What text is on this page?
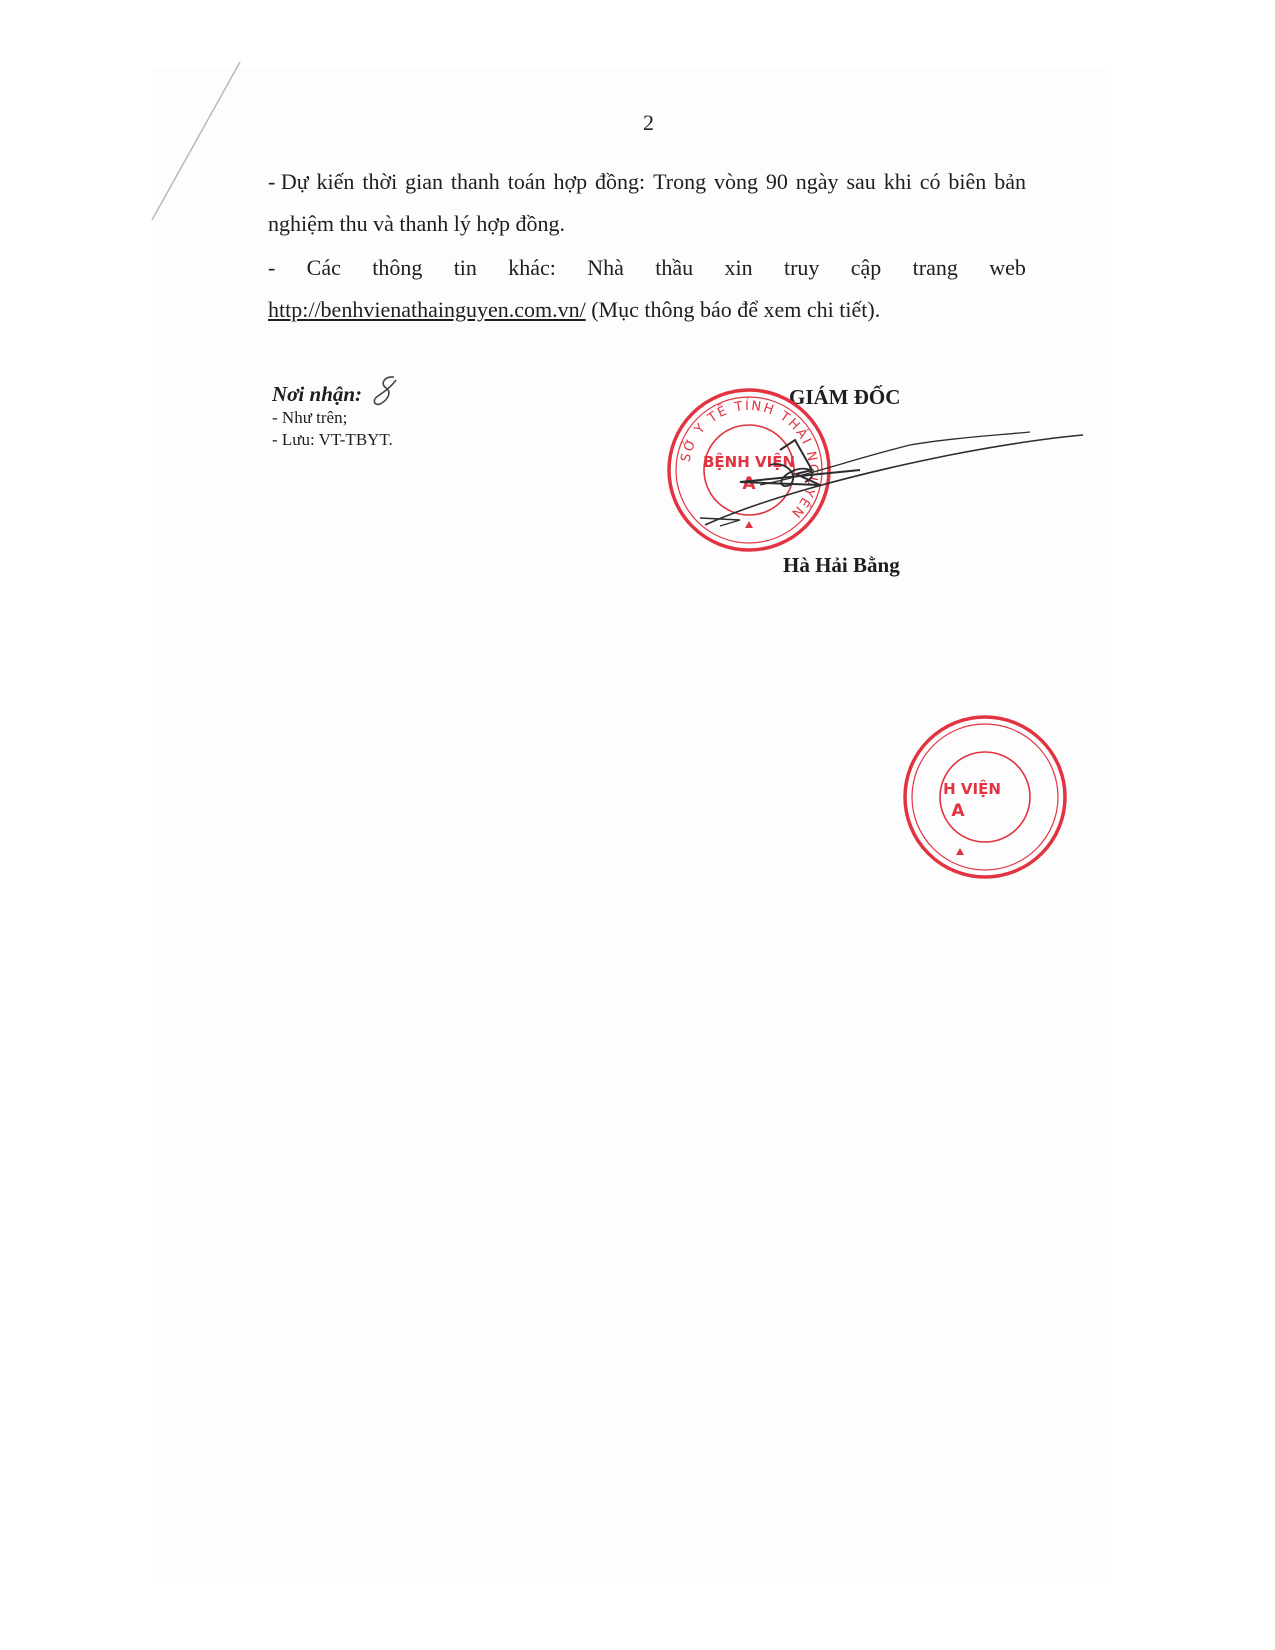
2
- Dự kiến thời gian thanh toán hợp đồng: Trong vòng 90 ngày sau khi có biên bản
nghiệm thu và thanh lý hợp đồng.
- Các thông tin khác: Nhà thầu xin truy cập trang web
http://benhvienathainguyen.com.vn/ (Mục thông báo để xem chi tiết).
Nơi nhận:
- Như trên;
- Lưu: VT-TBYT.
GIÁM ĐỐC
SỞ Y TẾ TỈNH THÁI NGUYÊN
BỆNH VIỆN
A
Hà Hải Bằng
H VIỆN
A
